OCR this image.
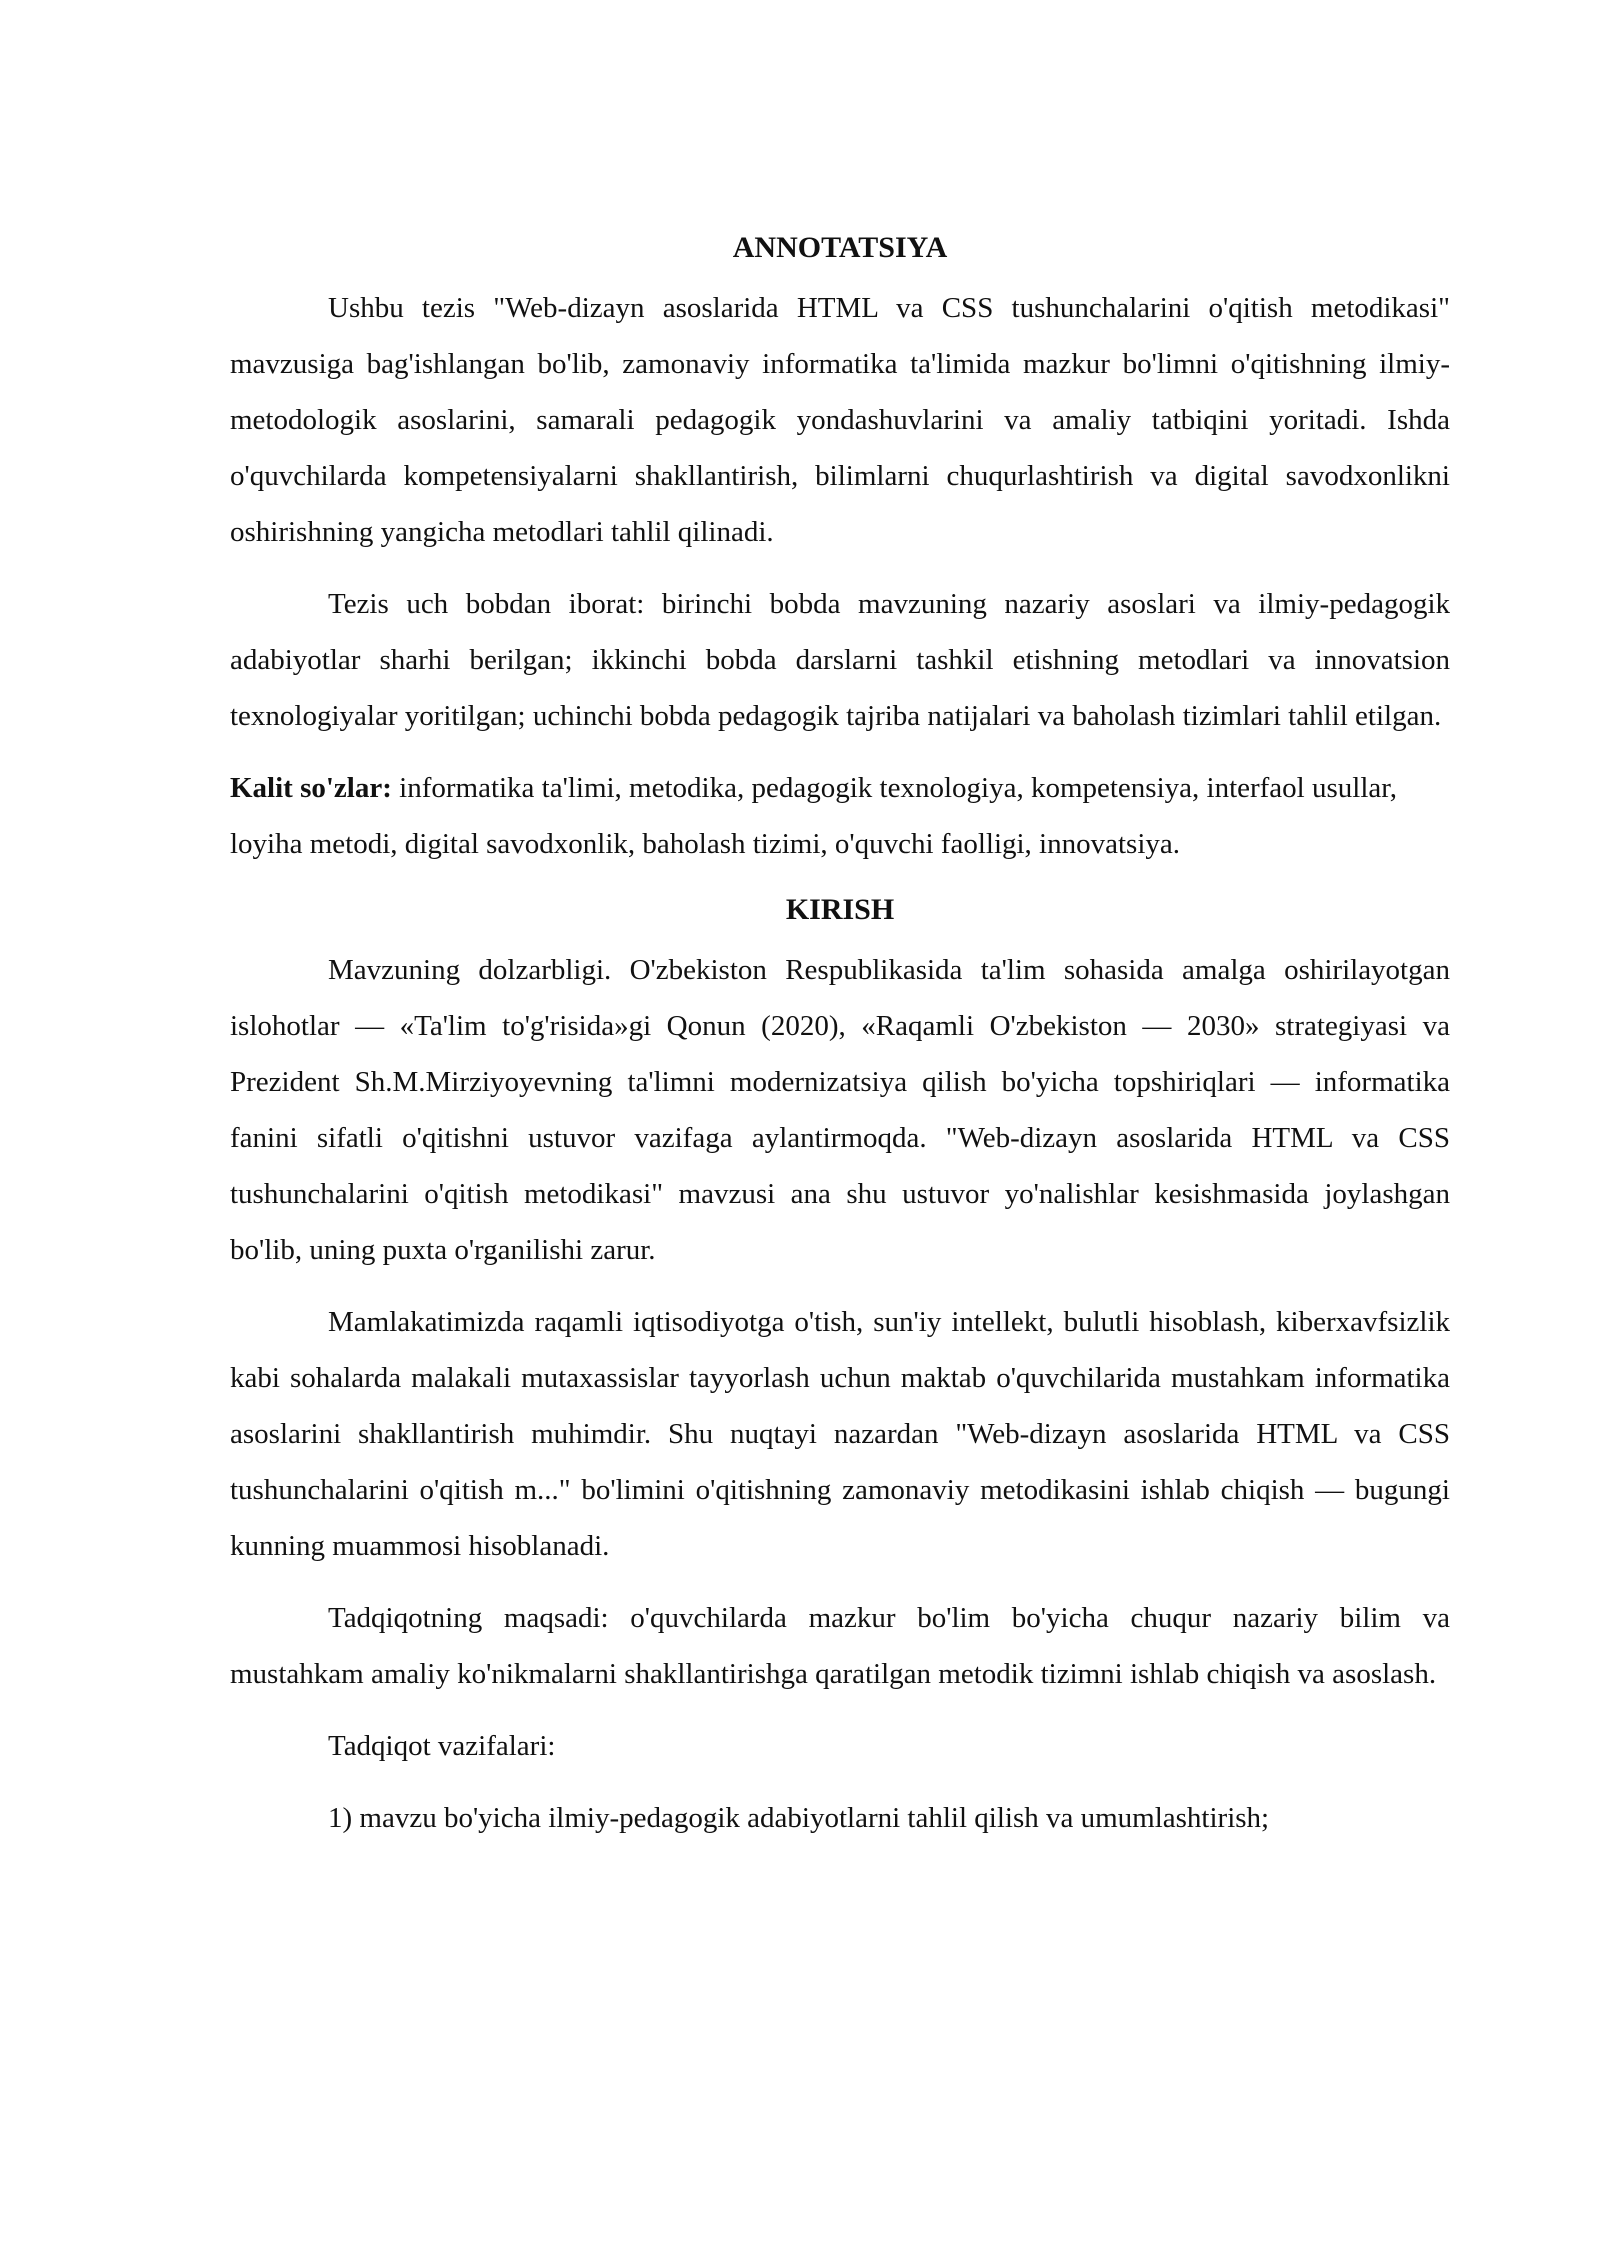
ANNOTATSIYA

Ushbu tezis "Web-dizayn asoslarida HTML va CSS tushunchalarini o'qitish metodikasi" mavzusiga bag'ishlangan bo'lib, zamonaviy informatika ta'limida mazkur bo'limni o'qitishning ilmiy-metodologik asoslarini, samarali pedagogik yondashuvlarini va amaliy tatbiqini yoritadi. Ishda o'quvchilarda kompetensiyalarni shakllantirish, bilimlarni chuqurlashtirish va digital savodxonlikni oshirishning yangicha metodlari tahlil qilinadi.

Tezis uch bobdan iborat: birinchi bobda mavzuning nazariy asoslari va ilmiy-pedagogik adabiyotlar sharhi berilgan; ikkinchi bobda darslarni tashkil etishning metodlari va innovatsion texnologiyalar yoritilgan; uchinchi bobda pedagogik tajriba natijalari va baholash tizimlari tahlil etilgan.

Kalit so'zlar: informatika ta'limi, metodika, pedagogik texnologiya, kompetensiya, interfaol usullar, loyiha metodi, digital savodxonlik, baholash tizimi, o'quvchi faolligi, innovatsiya.

KIRISH

Mavzuning dolzarbligi. O'zbekiston Respublikasida ta'lim sohasida amalga oshirilayotgan islohotlar — «Ta'lim to'g'risida»gi Qonun (2020), «Raqamli O'zbekiston — 2030» strategiyasi va Prezident Sh.M.Mirziyoyevning ta'limni modernizatsiya qilish bo'yicha topshiriqlari — informatika fanini sifatli o'qitishni ustuvor vazifaga aylantirmoqda. "Web-dizayn asoslarida HTML va CSS tushunchalarini o'qitish metodikasi" mavzusi ana shu ustuvor yo'nalishlar kesishmasida joylashgan bo'lib, uning puxta o'rganilishi zarur.

Mamlakatimizda raqamli iqtisodiyotga o'tish, sun'iy intellekt, bulutli hisoblash, kiberxavfsizlik kabi sohalarda malakali mutaxassislar tayyorlash uchun maktab o'quvchilarida mustahkam informatika asoslarini shakllantirish muhimdir. Shu nuqtayi nazardan "Web-dizayn asoslarida HTML va CSS tushunchalarini o'qitish m..." bo'limini o'qitishning zamonaviy metodikasini ishlab chiqish — bugungi kunning muammosi hisoblanadi.

Tadqiqotning maqsadi: o'quvchilarda mazkur bo'lim bo'yicha chuqur nazariy bilim va mustahkam amaliy ko'nikmalarni shakllantirishga qaratilgan metodik tizimni ishlab chiqish va asoslash.

Tadqiqot vazifalari:

1) mavzu bo'yicha ilmiy-pedagogik adabiyotlarni tahlil qilish va umumlashtirish;
